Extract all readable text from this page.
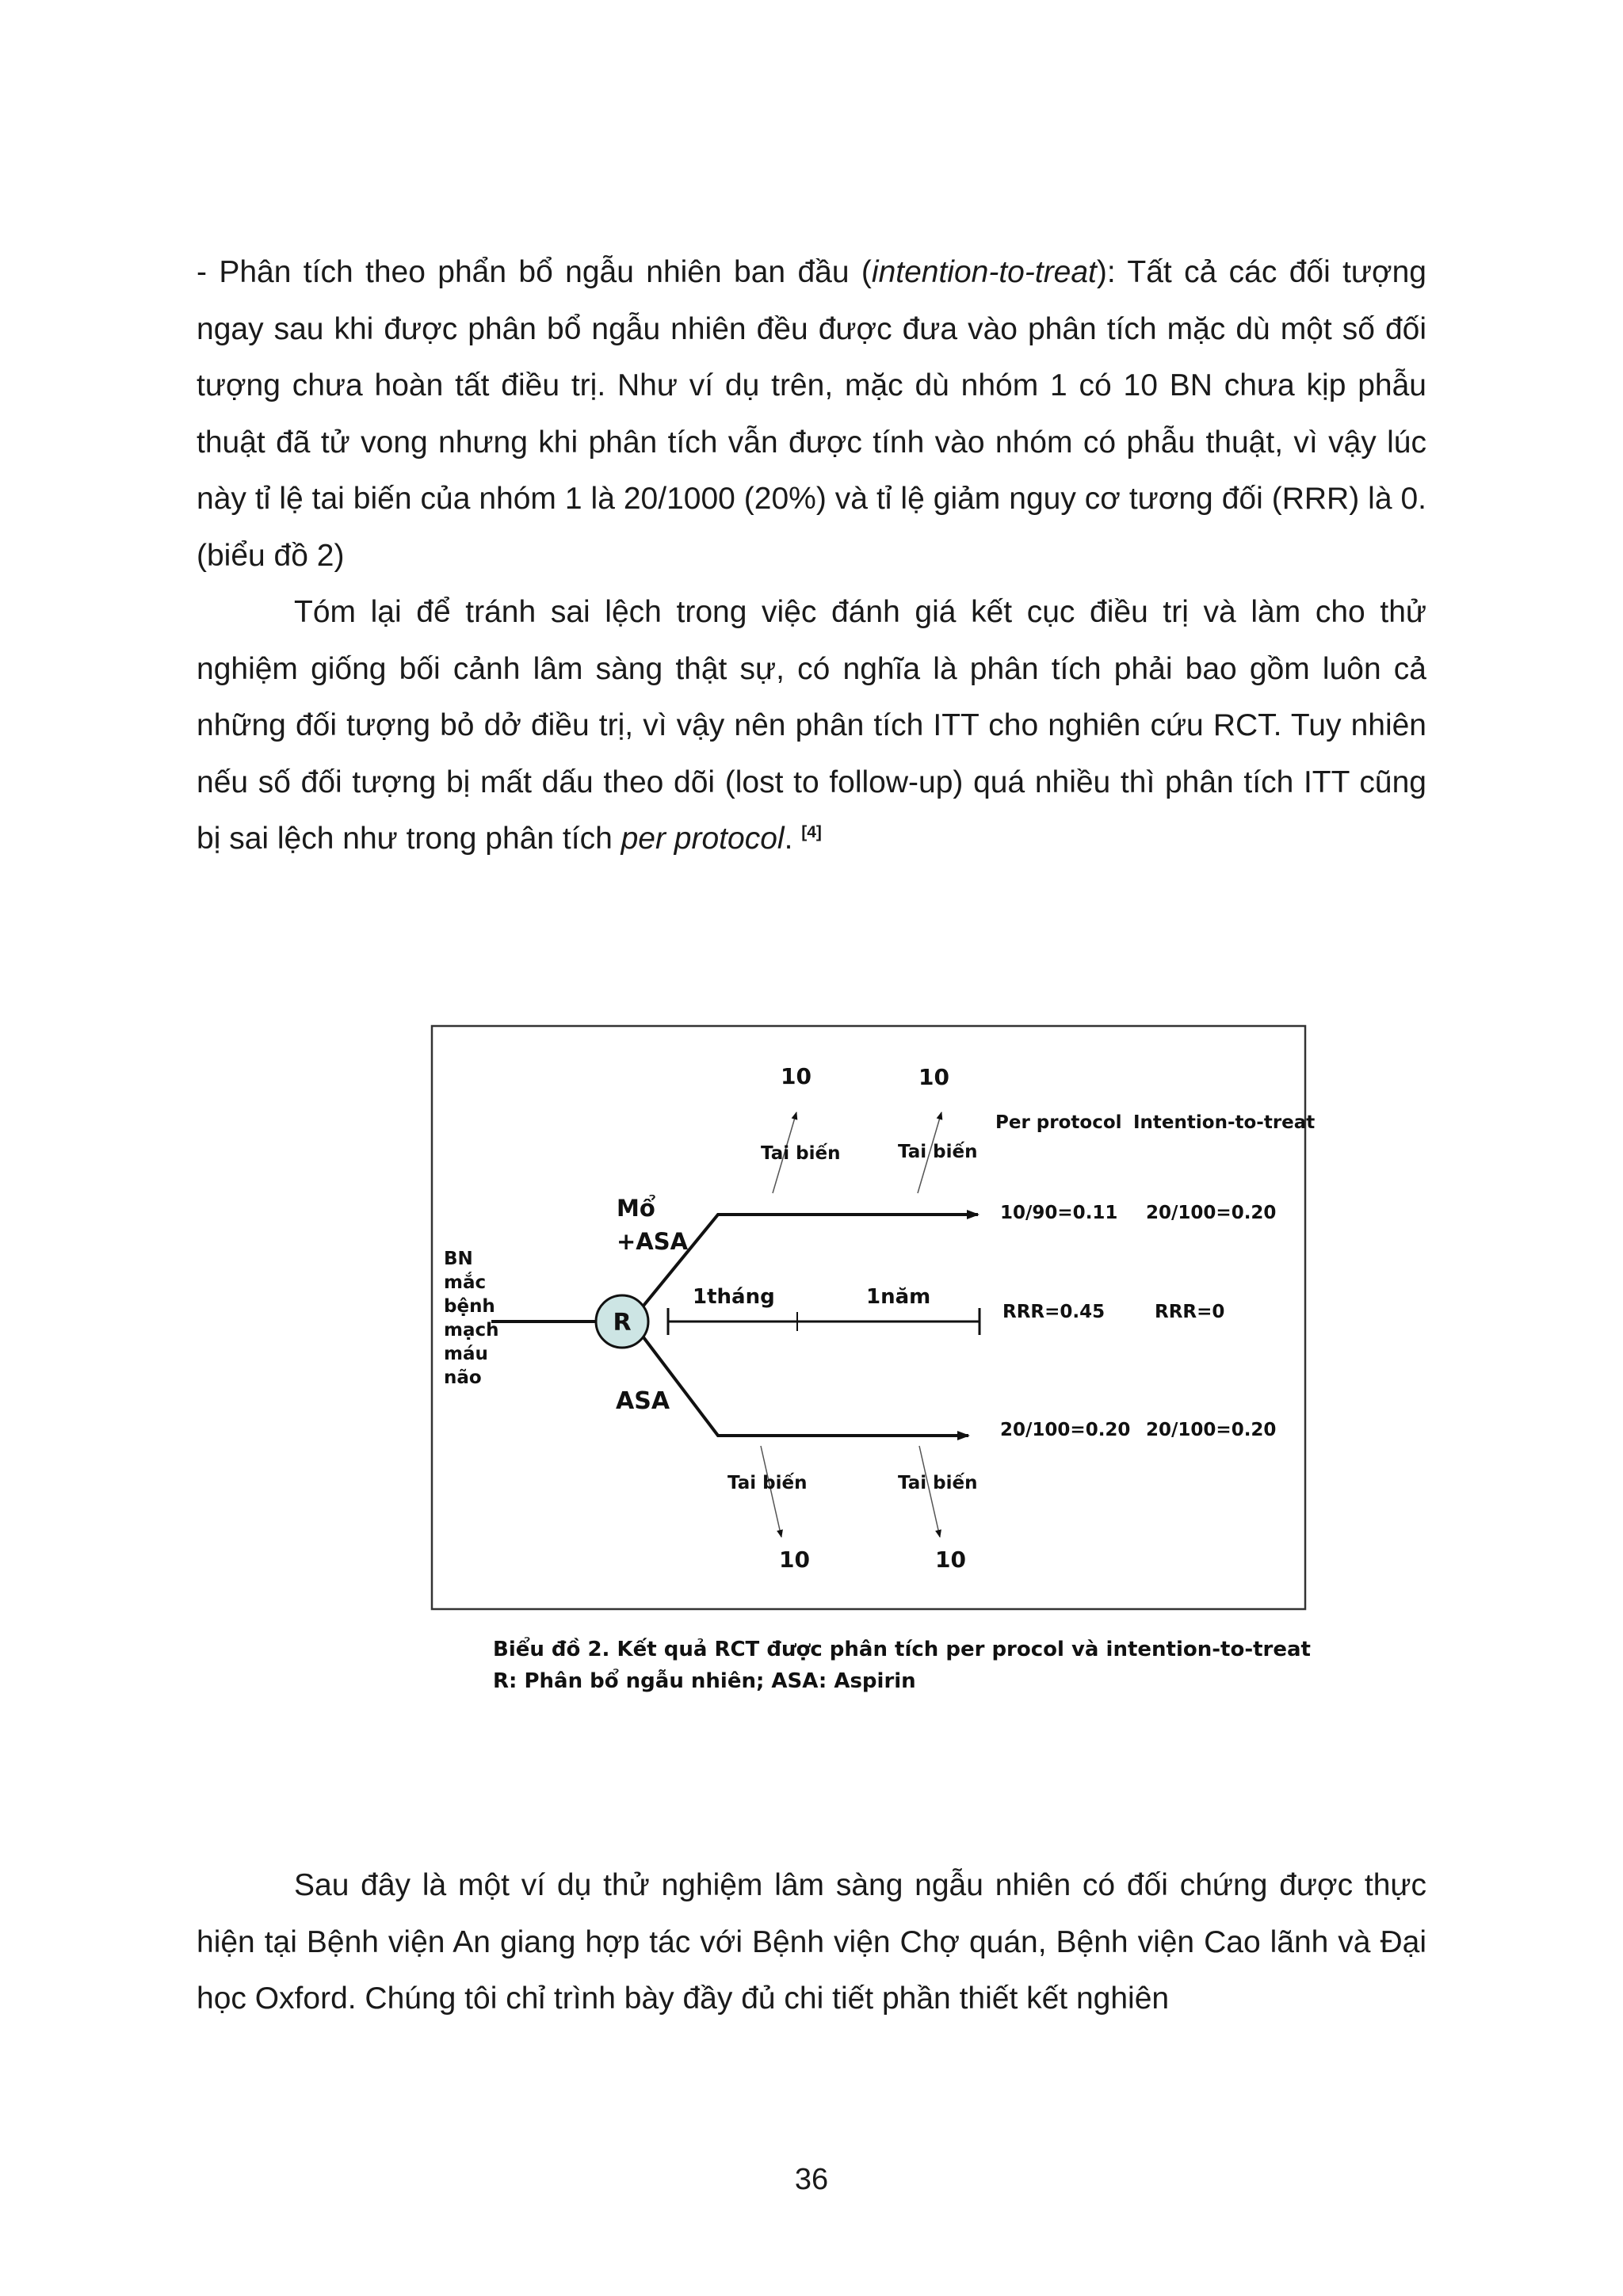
- Phân tích theo phẩn bổ ngẫu nhiên ban đầu (intention-to-treat): Tất cả các đối tượng ngay sau khi được phân bổ ngẫu nhiên đều được đưa vào phân tích mặc dù một số đối tượng chưa hoàn tất điều trị. Như ví dụ trên, mặc dù nhóm 1 có 10 BN chưa kịp phẫu thuật đã tử vong nhưng khi phân tích vẫn được tính vào nhóm có phẫu thuật, vì vậy lúc này tỉ lệ tai biến của nhóm 1 là 20/1000 (20%) và tỉ lệ giảm nguy cơ tương đối (RRR) là 0. (biểu đồ 2)

Tóm lại để tránh sai lệch trong việc đánh giá kết cục điều trị và làm cho thử nghiệm giống bối cảnh lâm sàng thật sự, có nghĩa là phân tích phải bao gồm luôn cả những đối tượng bỏ dở điều trị, vì vậy nên phân tích ITT cho nghiên cứu RCT. Tuy nhiên nếu số đối tượng bị mất dấu theo dõi (lost to follow-up) quá nhiều thì phân tích ITT cũng bị sai lệch như trong phân tích per protocol. [4]

BN mắc bệnh mạch máu não
1tháng	1năm
R
Mổ +ASA
ASA
Tai biến	Tai biến
10	10
Tai biến	Tai biến
10	10
Per protocol Intention-to-treat
10/90=0.11 20/100=0.20
RRR=0.45	RRR=0
20/100=0.20 20/100=0.20
Biểu đồ 2. Kết quả RCT được phân tích per procol và intention-to-treat
R: Phân bổ ngẫu nhiên; ASA: Aspirin

Sau đây là một ví dụ thử nghiệm lâm sàng ngẫu nhiên có đối chứng được thực hiện tại Bệnh viện An giang hợp tác với Bệnh viện Chợ quán, Bệnh viện Cao lãnh và Đại học Oxford. Chúng tôi chỉ trình bày đầy đủ chi tiết phần thiết kết nghiên

36
